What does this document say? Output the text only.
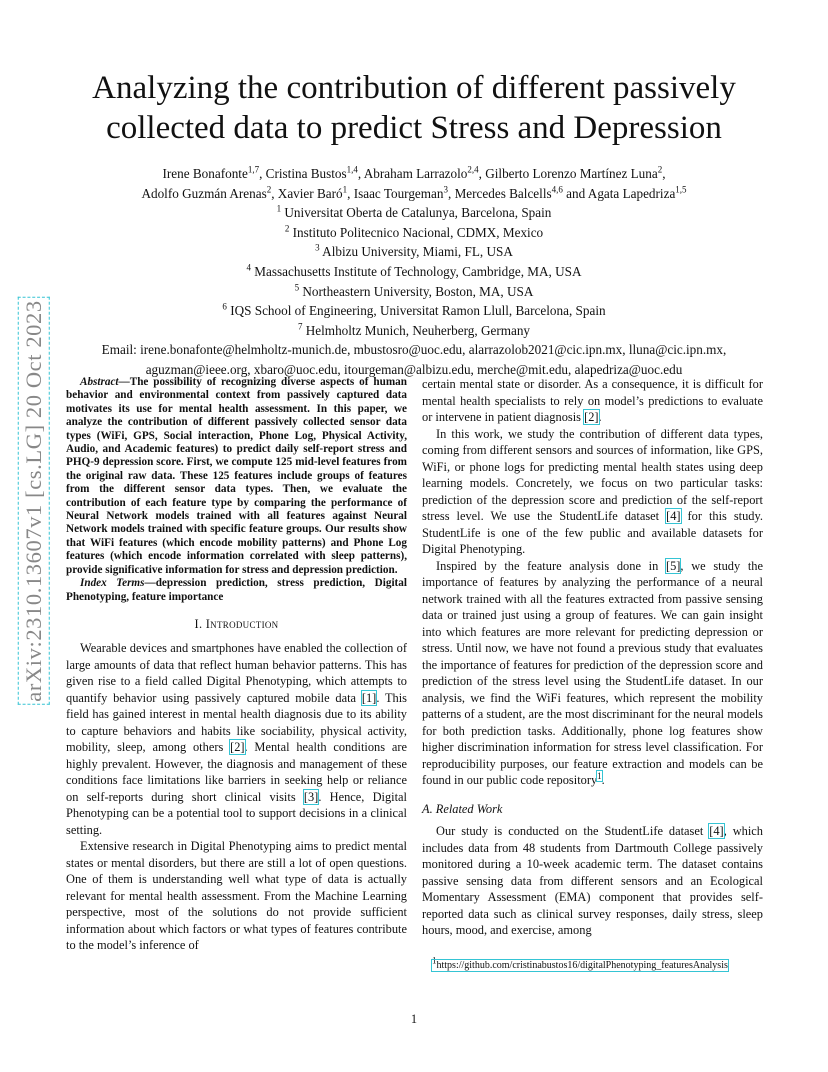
arXiv:2310.13607v1 [cs.LG] 20 Oct 2023
Analyzing the contribution of different passively collected data to predict Stress and Depression
Irene Bonafonte$^{1,7}$, Cristina Bustos$^{1,4}$, Abraham Larrazolo$^{2,4}$, Gilberto Lorenzo Martínez Luna$^2$,
Adolfo Guzmán Arenas$^2$, Xavier Baró$^1$, Isaac Tourgeman$^3$, Mercedes Balcells$^{4,6}$ and Agata Lapedriza$^{1,5}$
$^1$ Universitat Oberta de Catalunya, Barcelona, Spain
$^2$ Instituto Politecnico Nacional, CDMX, Mexico
$^3$ Albizu University, Miami, FL, USA
$^4$ Massachusetts Institute of Technology, Cambridge, MA, USA
$^5$ Northeastern University, Boston, MA, USA
$^6$ IQS School of Engineering, Universitat Ramon Llull, Barcelona, Spain
$^7$ Helmholtz Munich, Neuherberg, Germany
Email: irene.bonafonte@helmholtz-munich.de, mbustosro@uoc.edu, alarrazolob2021@cic.ipn.mx, lluna@cic.ipn.mx,
aguzman@ieee.org, xbaro@uoc.edu, itourgeman@albizu.edu, merche@mit.edu, alapedriza@uoc.edu

Abstract—The possibility of recognizing diverse aspects of human behavior and environmental context from passively captured data motivates its use for mental health assessment. In this paper, we analyze the contribution of different passively collected sensor data types (WiFi, GPS, Social interaction, Phone Log, Physical Activity, Audio, and Academic features) to predict daily self-report stress and PHQ-9 depression score. First, we compute 125 mid-level features from the original raw data. These 125 features include groups of features from the different sensor data types. Then, we evaluate the contribution of each feature type by comparing the performance of Neural Network models trained with all features against Neural Network models trained with specific feature groups. Our results show that WiFi features (which encode mobility patterns) and Phone Log features (which encode information correlated with sleep patterns), provide significative information for stress and depression prediction.

Index Terms—depression prediction, stress prediction, Digital Phenotyping, feature importance

I. Introduction

Wearable devices and smartphones have enabled the collection of large amounts of data that reflect human behavior patterns. This has given rise to a field called Digital Phenotyping, which attempts to quantify behavior using passively captured mobile data [1]. This field has gained interest in mental health diagnosis due to its ability to capture behaviors and habits like sociability, physical activity, mobility, sleep, among others [2]. Mental health conditions are highly prevalent. However, the diagnosis and management of these conditions face limitations like barriers in seeking help or reliance on self-reports during short clinical visits [3]. Hence, Digital Phenotyping can be a potential tool to support decisions in a clinical setting.

Extensive research in Digital Phenotyping aims to predict mental states or mental disorders, but there are still a lot of open questions. One of them is understanding well what type of data is actually relevant for mental health assessment. From the Machine Learning perspective, most of the solutions do not provide sufficient information about which factors or what types of features contribute to the model’s inference of

certain mental state or disorder. As a consequence, it is difficult for mental health specialists to rely on model’s predictions to evaluate or intervene in patient diagnosis [2].

In this work, we study the contribution of different data types, coming from different sensors and sources of information, like GPS, WiFi, or phone logs for predicting mental health states using deep learning models. Concretely, we focus on two particular tasks: prediction of the depression score and prediction of the self-report stress level. We use the StudentLife dataset [4] for this study. StudentLife is one of the few public and available datasets for Digital Phenotyping.

Inspired by the feature analysis done in [5], we study the importance of features by analyzing the performance of a neural network trained with all the features extracted from passive sensing data or trained just using a group of features. We can gain insight into which features are more relevant for predicting depression or stress. Until now, we have not found a previous study that evaluates the importance of features for prediction of the depression score and prediction of the stress level using the StudentLife dataset. In our analysis, we find the WiFi features, which represent the mobility patterns of a student, are the most discriminant for the neural models for both prediction tasks. Additionally, phone log features show higher discrimination information for stress level classification. For reproducibility purposes, our feature extraction and models can be found in our public code repository$^1$.

A. Related Work

Our study is conducted on the StudentLife dataset [4], which includes data from 48 students from Dartmouth College passively monitored during a 10-week academic term. The dataset contains passive sensing data from different sensors and an Ecological Momentary Assessment (EMA) component that provides self-reported data such as clinical survey responses, daily stress, sleep hours, mood, and exercise, among

$^1$https://github.com/cristinabustos16/digitalPhenotyping_featuresAnalysis
1
